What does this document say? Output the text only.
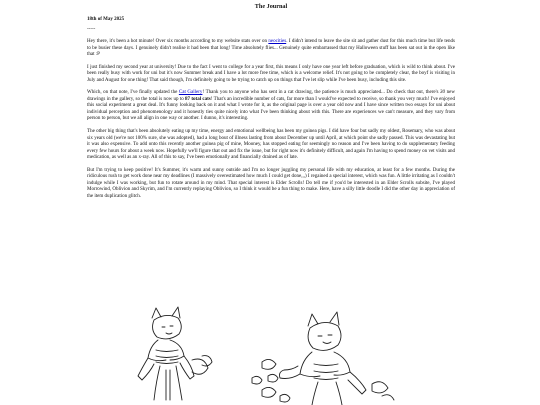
The Journal
18th of May 2025
-----

Hey there, it's been a hot minute! Over six months according to my website stats over on neocities. I didn't intend to leave the site sit and gather dust for this much time but life tends to be busier these days. I genuinely didn't realise it had been that long! Time absolutely flies... Genuinely quite embarrassed that my Halloween stuff has been sat out in the open like that :P

I just finished my second year at university! Due to the fact I went to college for a year first, this means I only have one year left before graduation, which is wild to think about. I've been really busy with work for uni but it's now Summer break and I have a lot more free time, which is a welcome relief. It's not going to be completely clear, the boyf is visiting in July and August for one thing! That said though, I'm definitely going to be trying to catch up on things that I've let slip while I've been busy, including this site.

Which, on that note, I've finally updated the Cat Gallery! Thank you to anyone who has sent in a cat drawing, the patience is much appreciated... Do check that out, there's 30 new drawings in the gallery, so the total is now up to 87 total cats! That's an incredible number of cats, far more than I would've expected to receive, so thank you very much! I've enjoyed this social experiment a great deal. It's funny looking back on it and what I wrote for it, as the original page is over a year old now and I have since written two essays for uni about individual perception and phenomenology and it honestly ties quite nicely into what I've been thinking about with this. There are experiences we can't measure, and they vary from person to person, but we all align in one way or another. I dunno, it's interesting.

The other big thing that's been absolutely eating up my time, energy and emotional wellbeing has been my guinea pigs. I did have four but sadly my oldest, Rosemary, who was about six years old (we're not 100% sure, she was adopted), had a long bout of illness lasting from about December up until April, at which point she sadly passed. This was devastating but it was also expensive. To add onto this recently another guinea pig of mine, Mooney, has stopped eating for seemingly no reason and I've been having to do supplementary feeding every few hours for about a week now. Hopefully we'll figure that out and fix the issue, but for right now it's definitely difficult, and again I'm having to spend money on vet visits and medication, as well as an x-ray. All of this to say, I've been emotionally and financially drained as of late.

But I'm trying to keep positive! It's Summer, it's warm and sunny outside and I'm no longer juggling my personal life with my education, at least for a few months. During the ridiculous rush to get work done near my deadlines (I massively overestimated how much I could get done,,,) I regained a special interest, which was fun. A little irritating as I couldn't indulge while I was working, but fun to rotate around in my mind. That special interest is Elder Scrolls! Do tell me if you'd be interested in an Elder Scrolls subsite, I've played Morrowind, Oblivion and Skyrim, and I'm currently replaying Oblivion, so I think it would be a fun thing to make. Here, have a silly little doodle I did the other day in appreciation of the item duplication glitch.
